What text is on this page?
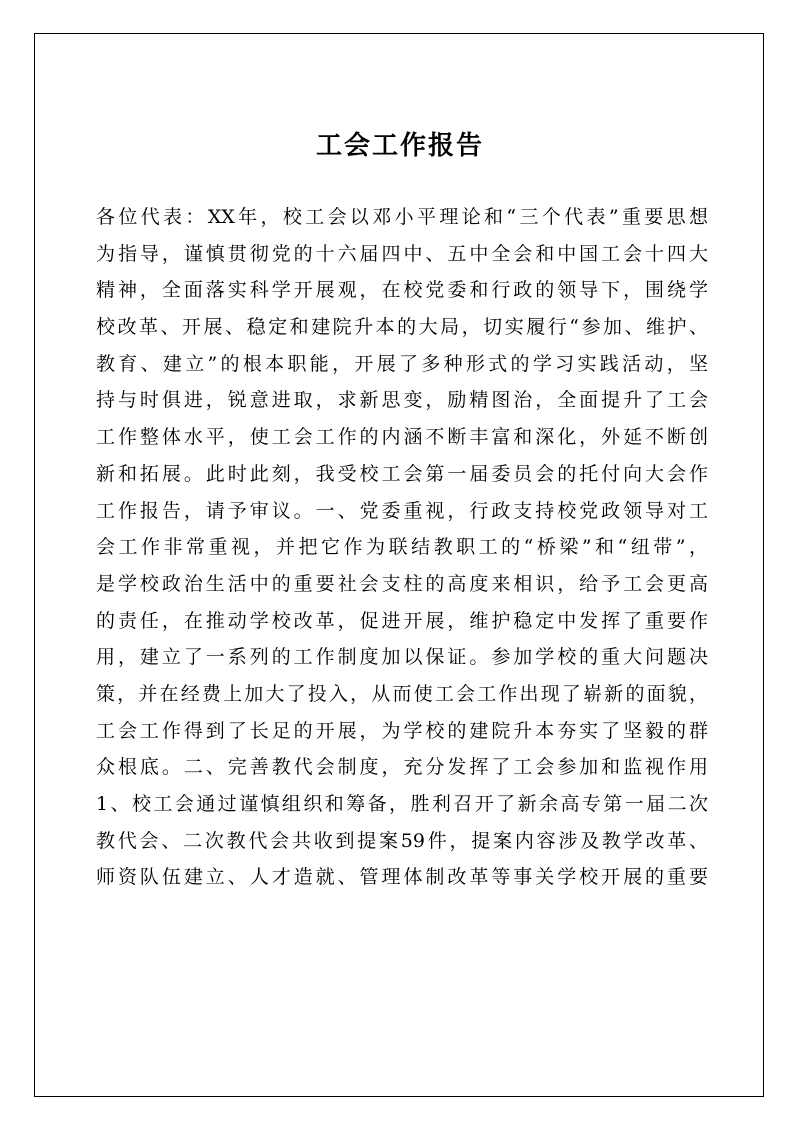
工会工作报告
各位代表：XX年，校工会以邓小平理论和“三个代表”重要思想
为指导，谨慎贯彻党的十六届四中、五中全会和中国工会十四大
精神，全面落实科学开展观，在校党委和行政的领导下，围绕学
校改革、开展、稳定和建院升本的大局，切实履行“参加、维护、
教育、建立”的根本职能，开展了多种形式的学习实践活动，坚
持与时俱进，锐意进取，求新思变，励精图治，全面提升了工会
工作整体水平，使工会工作的内涵不断丰富和深化，外延不断创
新和拓展。此时此刻，我受校工会第一届委员会的托付向大会作
工作报告，请予审议。一、党委重视，行政支持校党政领导对工
会工作非常重视，并把它作为联结教职工的“桥梁”和“纽带”，
是学校政治生活中的重要社会支柱的高度来相识，给予工会更高
的责任，在推动学校改革，促进开展，维护稳定中发挥了重要作
用，建立了一系列的工作制度加以保证。参加学校的重大问题决
策，并在经费上加大了投入，从而使工会工作出现了崭新的面貌，
工会工作得到了长足的开展，为学校的建院升本夯实了坚毅的群
众根底。二、完善教代会制度，充分发挥了工会参加和监视作用
1、校工会通过谨慎组织和筹备，胜利召开了新余高专第一届二次
教代会、二次教代会共收到提案59件，提案内容涉及教学改革、
师资队伍建立、人才造就、管理体制改革等事关学校开展的重要
